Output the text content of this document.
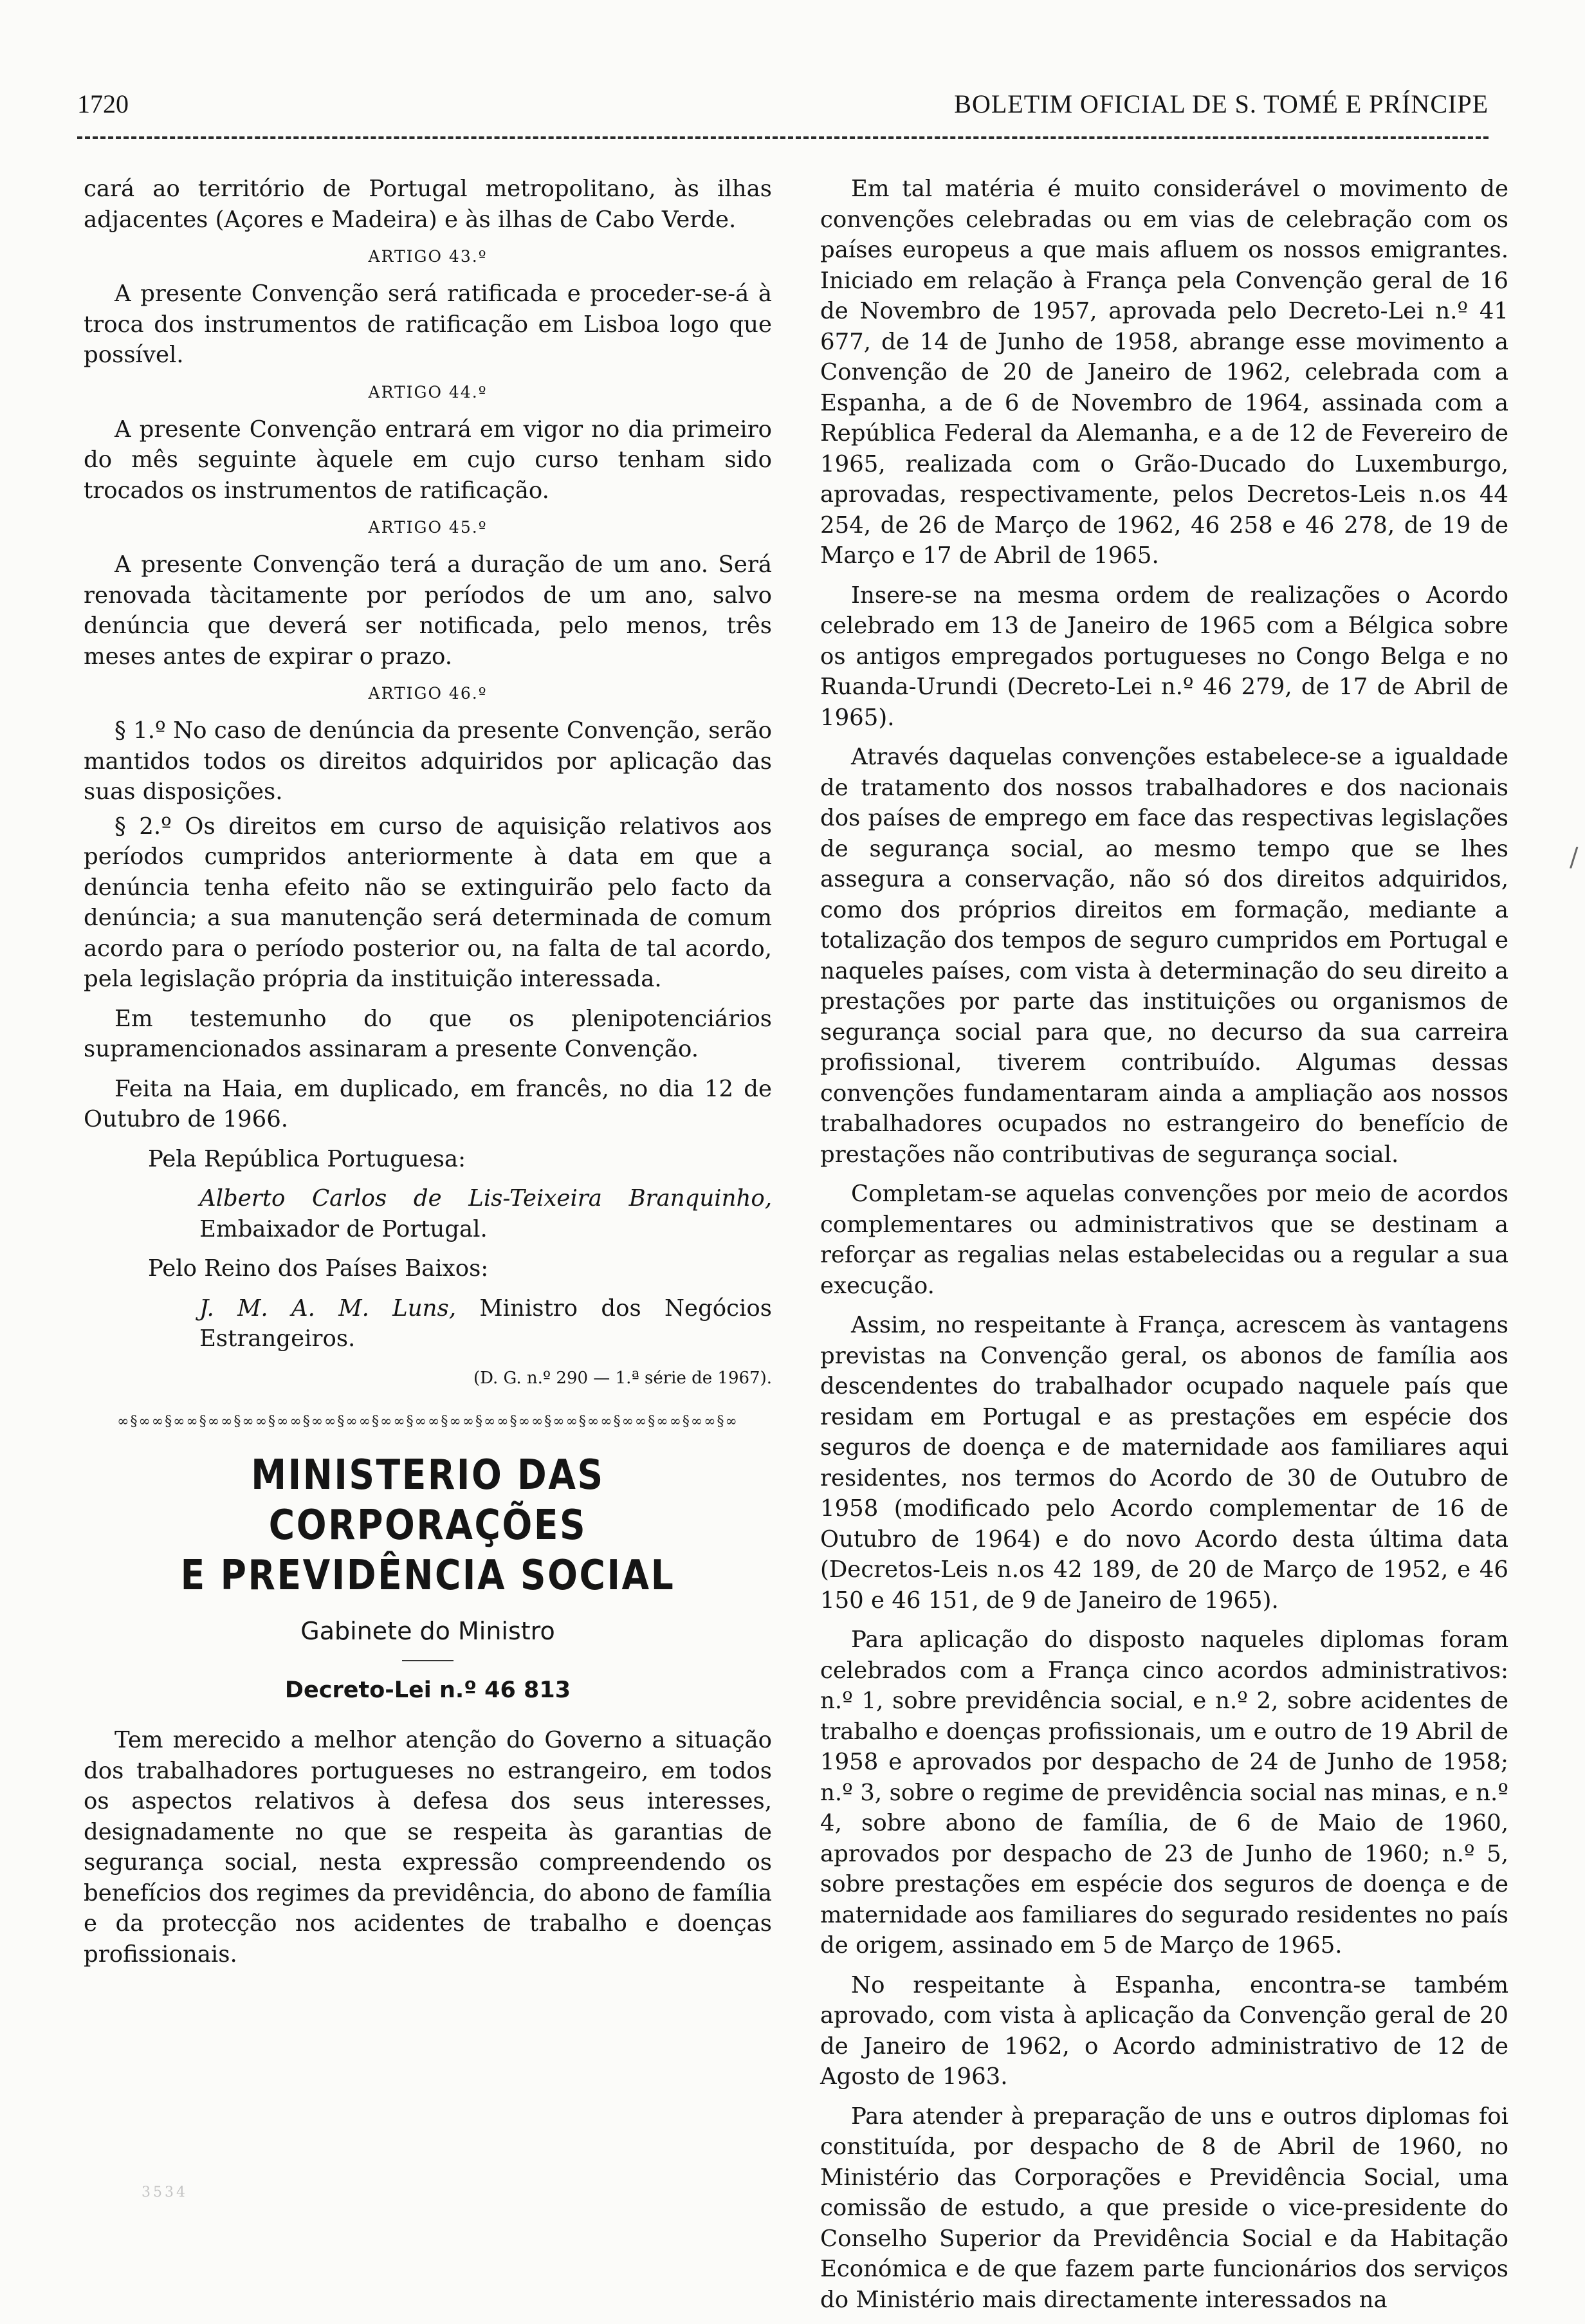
1720	BOLETIM OFICIAL DE S. TOMÉ E PRÍNCIPE

cará ao território de Portugal metropolitano, às ilhas adjacentes (Açores e Madeira) e às ilhas de Cabo Verde.

ARTIGO 43.º

A presente Convenção será ratificada e proceder-se-á à troca dos instrumentos de ratificação em Lisboa logo que possível.

ARTIGO 44.º

A presente Convenção entrará em vigor no dia primeiro do mês seguinte àquele em cujo curso tenham sido trocados os instrumentos de ratificação.

ARTIGO 45.º

A presente Convenção terá a duração de um ano. Será renovada tàcitamente por períodos de um ano, salvo denúncia que deverá ser notificada, pelo menos, três meses antes de expirar o prazo.

ARTIGO 46.º

§ 1.º No caso de denúncia da presente Convenção, serão mantidos todos os direitos adquiridos por aplicação das suas disposições.

§ 2.º Os direitos em curso de aquisição relativos aos períodos cumpridos anteriormente à data em que a denúncia tenha efeito não se extinguirão pelo facto da denúncia; a sua manutenção será determinada de comum acordo para o período posterior ou, na falta de tal acordo, pela legislação própria da instituição interessada.

Em testemunho do que os plenipotenciários supramencionados assinaram a presente Convenção.

Feita na Haia, em duplicado, em francês, no dia 12 de Outubro de 1966.

Pela República Portuguesa:

Alberto Carlos de Lis-Teixeira Branquinho, Embaixador de Portugal.

Pelo Reino dos Países Baixos:

J. M. A. M. Luns, Ministro dos Negócios Estrangeiros.

(D. G. n.º 290 — 1.ª série de 1967).
∞§∞∞§∞∞§∞∞§∞∞§∞∞§∞∞§∞∞§∞∞§∞∞§∞∞§∞∞§∞∞§∞∞§∞∞§∞∞§∞∞§∞∞§∞
MINISTERIO DAS CORPORAÇÕES
E PREVIDÊNCIA SOCIAL
Gabinete do Ministro
Decreto-Lei n.º 46 813

Tem merecido a melhor atenção do Governo a situação dos trabalhadores portugueses no estrangeiro, em todos os aspectos relativos à defesa dos seus interesses, designadamente no que se respeita às garantias de segurança social, nesta expressão compreendendo os benefícios dos regimes da previdência, do abono de família e da protecção nos acidentes de trabalho e doenças profissionais.

Em tal matéria é muito considerável o movimento de convenções celebradas ou em vias de celebração com os países europeus a que mais afluem os nossos emigrantes. Iniciado em relação à França pela Convenção geral de 16 de Novembro de 1957, aprovada pelo Decreto-Lei n.º 41 677, de 14 de Junho de 1958, abrange esse movimento a Convenção de 20 de Janeiro de 1962, celebrada com a Espanha, a de 6 de Novembro de 1964, assinada com a República Federal da Alemanha, e a de 12 de Fevereiro de 1965, realizada com o Grão-Ducado do Luxemburgo, aprovadas, respectivamente, pelos Decretos-Leis n.os 44 254, de 26 de Março de 1962, 46 258 e 46 278, de 19 de Março e 17 de Abril de 1965.

Insere-se na mesma ordem de realizações o Acordo celebrado em 13 de Janeiro de 1965 com a Bélgica sobre os antigos empregados portugueses no Congo Belga e no Ruanda-Urundi (Decreto-Lei n.º 46 279, de 17 de Abril de 1965).

Através daquelas convenções estabelece-se a igualdade de tratamento dos nossos trabalhadores e dos nacionais dos países de emprego em face das respectivas legislações de segurança social, ao mesmo tempo que se lhes assegura a conservação, não só dos direitos adquiridos, como dos próprios direitos em formação, mediante a totalização dos tempos de seguro cumpridos em Portugal e naqueles países, com vista à determinação do seu direito a prestações por parte das instituições ou organismos de segurança social para que, no decurso da sua carreira profissional, tiverem contribuído. Algumas dessas convenções fundamentaram ainda a ampliação aos nossos trabalhadores ocupados no estrangeiro do benefício de prestações não contributivas de segurança social.

Completam-se aquelas convenções por meio de acordos complementares ou administrativos que se destinam a reforçar as regalias nelas estabelecidas ou a regular a sua execução.

Assim, no respeitante à França, acrescem às vantagens previstas na Convenção geral, os abonos de família aos descendentes do trabalhador ocupado naquele país que residam em Portugal e as prestações em espécie dos seguros de doença e de maternidade aos familiares aqui residentes, nos termos do Acordo de 30 de Outubro de 1958 (modificado pelo Acordo complementar de 16 de Outubro de 1964) e do novo Acordo desta última data (Decretos-Leis n.os 42 189, de 20 de Março de 1952, e 46 150 e 46 151, de 9 de Janeiro de 1965).

Para aplicação do disposto naqueles diplomas foram celebrados com a França cinco acordos administrativos: n.º 1, sobre previdência social, e n.º 2, sobre acidentes de trabalho e doenças profissionais, um e outro de 19 Abril de 1958 e aprovados por despacho de 24 de Junho de 1958; n.º 3, sobre o regime de previdência social nas minas, e n.º 4, sobre abono de família, de 6 de Maio de 1960, aprovados por despacho de 23 de Junho de 1960; n.º 5, sobre prestações em espécie dos seguros de doença e de maternidade aos familiares do segurado residentes no país de origem, assinado em 5 de Março de 1965.

No respeitante à Espanha, encontra-se também aprovado, com vista à aplicação da Convenção geral de 20 de Janeiro de 1962, o Acordo administrativo de 12 de Agosto de 1963.

Para atender à preparação de uns e outros diplomas foi constituída, por despacho de 8 de Abril de 1960, no Ministério das Corporações e Previdência Social, uma comissão de estudo, a que preside o vice-presidente do Conselho Superior da Previdência Social e da Habitação Económica e de que fazem parte funcionários dos serviços do Ministério mais directamente interessados na

3534
/
